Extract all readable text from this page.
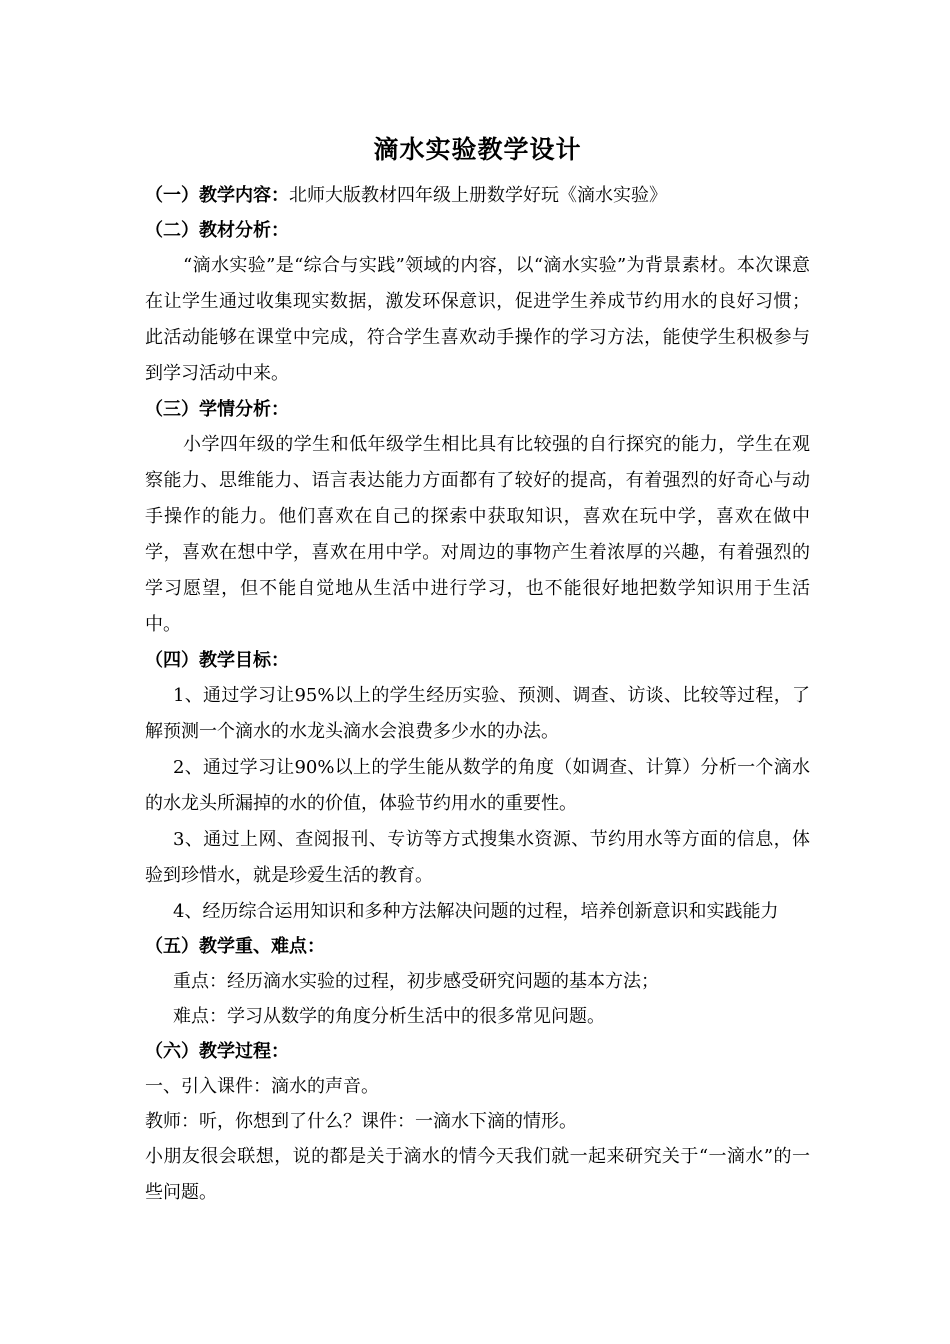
滴水实验教学设计

（一）教学内容：北师大版教材四年级上册数学好玩《滴水实验》

（二）教材分析：

“滴水实验”是“综合与实践”领域的内容，以“滴水实验”为背景素材。本次课意在让学生通过收集现实数据，激发环保意识，促进学生养成节约用水的良好习惯；此活动能够在课堂中完成，符合学生喜欢动手操作的学习方法，能使学生积极参与到学习活动中来。

（三）学情分析：

小学四年级的学生和低年级学生相比具有比较强的自行探究的能力，学生在观察能力、思维能力、语言表达能力方面都有了较好的提高，有着强烈的好奇心与动手操作的能力。他们喜欢在自己的探索中获取知识，喜欢在玩中学，喜欢在做中学，喜欢在想中学，喜欢在用中学。对周边的事物产生着浓厚的兴趣，有着强烈的学习愿望，但不能自觉地从生活中进行学习，也不能很好地把数学知识用于生活中。

（四）教学目标：

1、通过学习让95%以上的学生经历实验、预测、调查、访谈、比较等过程，了解预测一个滴水的水龙头滴水会浪费多少水的办法。

2、通过学习让90%以上的学生能从数学的角度（如调查、计算）分析一个滴水的水龙头所漏掉的水的价值，体验节约用水的重要性。

3、通过上网、查阅报刊、专访等方式搜集水资源、节约用水等方面的信息，体验到珍惜水，就是珍爱生活的教育。

4、经历综合运用知识和多种方法解决问题的过程，培养创新意识和实践能力

（五）教学重、难点：

重点：经历滴水实验的过程，初步感受研究问题的基本方法；

难点：学习从数学的角度分析生活中的很多常见问题。

（六）教学过程：

一、引入课件：滴水的声音。

教师：听，你想到了什么？课件：一滴水下滴的情形。

小朋友很会联想，说的都是关于滴水的情今天我们就一起来研究关于“一滴水”的一些问题。
